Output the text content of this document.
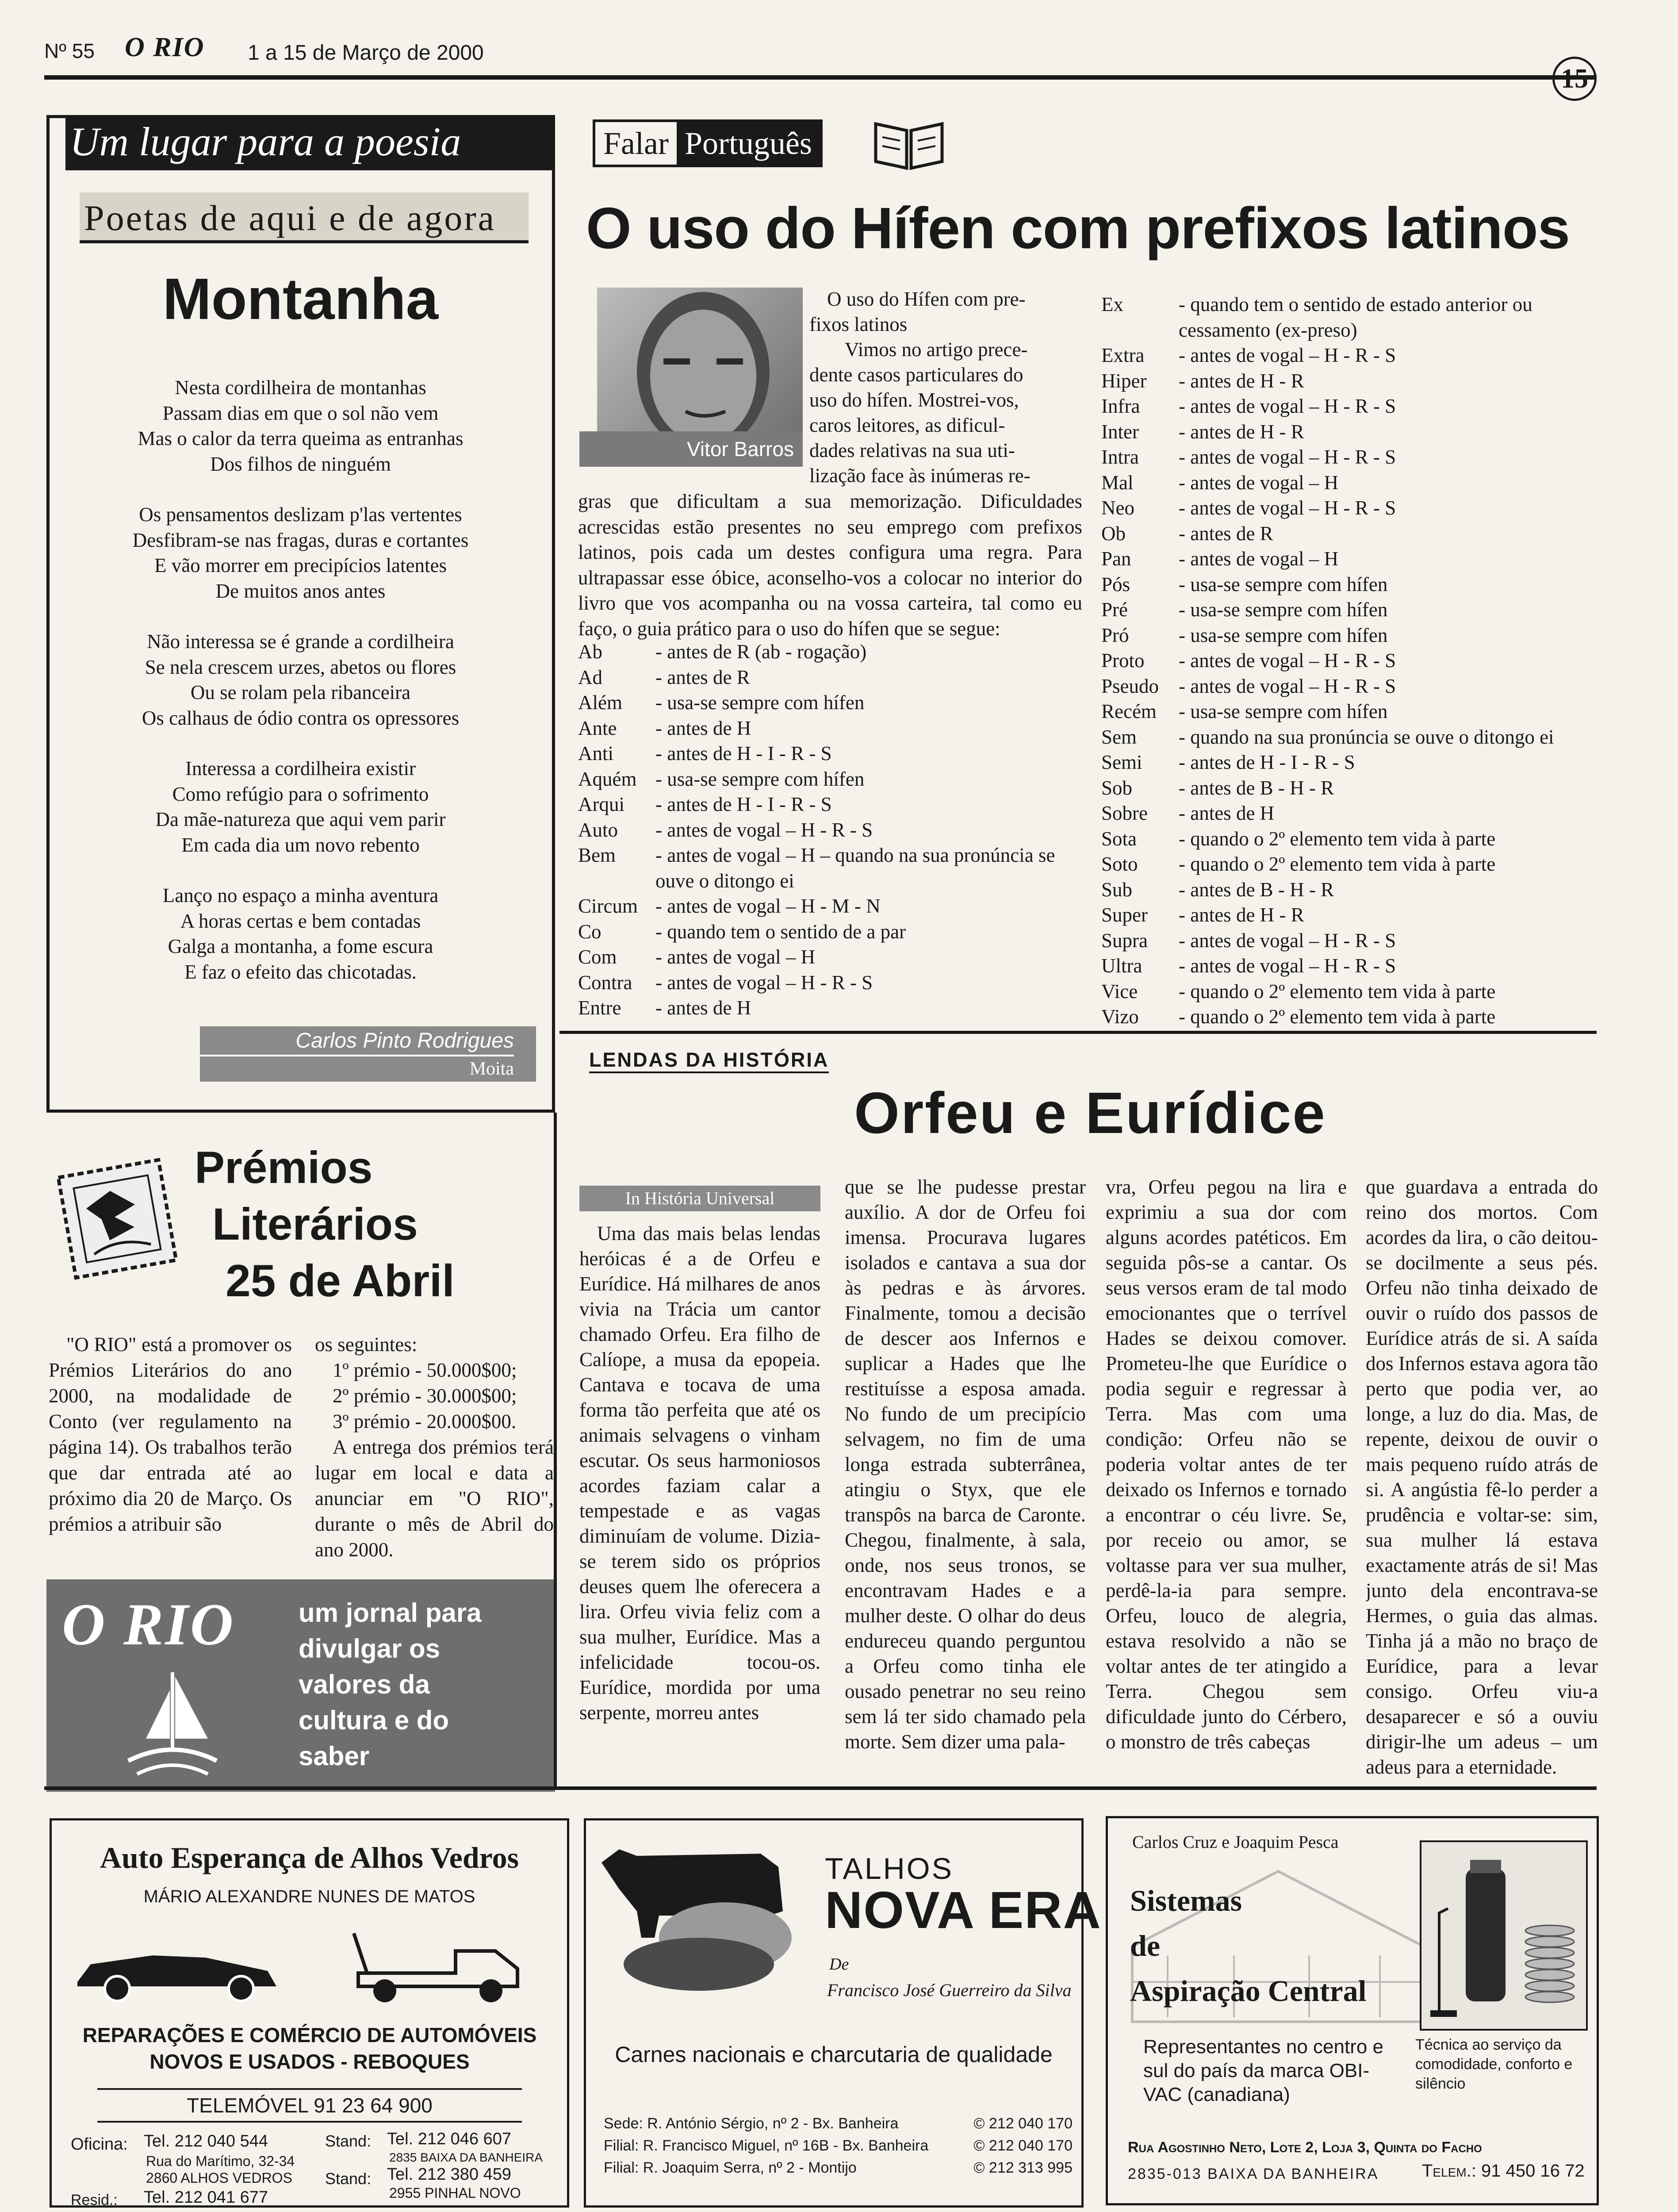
Nº 55 O RIO 1 a 15 de Março de 2000
Um lugar para a poesia
Poetas de aqui e de agora
Montanha
Nesta cordilheira de montanhas
Passam dias em que o sol não vem
Mas o calor da terra queima as entranhas
Dos filhos de ninguém
Os pensamentos deslizam p'las vertentes
Desfibram-se nas fragas, duras e cortantes
E vão morrer em precipícios latentes
De muitos anos antes
Não interessa se é grande a cordilheira
Se nela crescem urzes, abetos ou flores
Ou se rolam pela ribanceira
Os calhaus de ódio contra os opressores
Interessa a cordilheira existir
Como refúgio para o sofrimento
Da mãe-natureza que aqui vem parir
Em cada dia um novo rebento
Lanço no espaço a minha aventura
A horas certas e bem contadas
Galga a montanha, a fome escura
E faz o efeito das chicotadas.
Carlos Pinto Rodrigues
Moita
Prémios
Literários
25 de Abril
"O RIO" está a promover os Prémios Literários do ano 2000, na modalidade de Conto (ver regulamento na página 14). Os trabalhos terão que dar entrada até ao próximo dia 20 de Março. Os prémios a atribuir são
os seguintes:
1º prémio - 50.000$00;
2º prémio - 30.000$00;
3º prémio - 20.000$00.
A entrega dos prémios terá lugar em local e data a anunciar em "O RIO", durante o mês de Abril do ano 2000.
O RIO um jornal para
divulgar os
valores da
cultura e do
saber
Falar Português
O uso do Hífen com prefixos latinos
Vitor Barros
O uso do Hífen com pre-
fixos latinos
Vimos no artigo prece-
dente casos particulares do
uso do hífen. Mostrei-vos,
caros leitores, as dificul-
dades relativas na sua uti-
lização face às inúmeras re-
gras que dificultam a sua memorização. Dificuldades acrescidas estão presentes no seu emprego com prefixos latinos, pois cada um destes configura uma regra. Para ultrapassar esse óbice, aconselho-vos a colocar no interior do livro que vos acompanha ou na vossa carteira, tal como eu faço, o guia prático para o uso do hífen que se segue:
Ab	- antes de R (ab - rogação)
Ad	- antes de R
Além	- usa-se sempre com hífen
Ante	- antes de H
Anti	- antes de H - I - R - S
Aquém - usa-se sempre com hífen
Arqui	- antes de H - I - R - S
Auto	- antes de vogal – H - R - S
Bem	- antes de vogal – H – quando na sua pronúncia se ouve o ditongo ei
Circum - antes de vogal – H - M - N
Co	- quando tem o sentido de a par
Com	- antes de vogal – H
Contra	- antes de vogal – H - R - S
Entre	- antes de H
Ex	- quando tem o sentido de estado anterior ou cessamento (ex-preso)
Extra	- antes de vogal – H - R - S
Hiper	- antes de H - R
Infra	- antes de vogal – H - R - S
Inter	- antes de H - R
Intra	- antes de vogal – H - R - S
Mal	- antes de vogal – H
Neo	- antes de vogal – H - R - S
Ob	- antes de R
Pan	- antes de vogal – H
Pós	- usa-se sempre com hífen
Pré	- usa-se sempre com hífen
Pró	- usa-se sempre com hífen
Proto	- antes de vogal – H - R - S
Pseudo - antes de vogal – H - R - S
Recém	- usa-se sempre com hífen
Sem	- quando na sua pronúncia se ouve o ditongo ei
Semi	- antes de H - I - R - S
Sob	- antes de B - H - R
Sobre	- antes de H
Sota	- quando o 2º elemento tem vida à parte
Soto	- quando o 2º elemento tem vida à parte
Sub	- antes de B - H - R
Super	- antes de H - R
Supra	- antes de vogal – H - R - S
Ultra	- antes de vogal – H - R - S
Vice	- quando o 2º elemento tem vida à parte
Vizo	- quando o 2º elemento tem vida à parte
LENDAS DA HISTÓRIA
Orfeu e Eurídice
In História Universal
Uma das mais belas lendas heróicas é a de Orfeu e Eurídice. Há milhares de anos vivia na Trácia um cantor chamado Orfeu. Era filho de Calíope, a musa da epopeia. Cantava e tocava de uma forma tão perfeita que até os animais selvagens o vinham escutar. Os seus harmoniosos acordes faziam calar a tempestade e as vagas diminuíam de volume. Dizia-se terem sido os próprios deuses quem lhe oferecera a lira. Orfeu vivia feliz com a sua mulher, Eurídice. Mas a infelicidade tocou-os. Eurídice, mordida por uma serpente, morreu antes
que se lhe pudesse prestar auxílio. A dor de Orfeu foi imensa. Procurava lugares isolados e cantava a sua dor às pedras e às árvores. Finalmente, tomou a decisão de descer aos Infernos e suplicar a Hades que lhe restituísse a esposa amada. No fundo de um precipício selvagem, no fim de uma longa estrada subterrânea, atingiu o Styx, que ele transpôs na barca de Caronte. Chegou, finalmente, à sala, onde, nos seus tronos, se encontravam Hades e a mulher deste. O olhar do deus endureceu quando perguntou a Orfeu como tinha ele ousado penetrar no seu reino sem lá ter sido chamado pela morte. Sem dizer uma pala-
vra, Orfeu pegou na lira e exprimiu a sua dor com alguns acordes patéticos. Em seguida pôs-se a cantar. Os seus versos eram de tal modo emocionantes que o terrível Hades se deixou comover. Prometeu-lhe que Eurídice o podia seguir e regressar à Terra. Mas com uma condição: Orfeu não se poderia voltar antes de ter deixado os Infernos e tornado a encontrar o céu livre. Se, por receio ou amor, se voltasse para ver sua mulher, perdê-la-ia para sempre. Orfeu, louco de alegria, estava resolvido a não se voltar antes de ter atingido a Terra. Chegou sem dificuldade junto do Cérbero, o monstro de três cabeças
que guardava a entrada do reino dos mortos. Com acordes da lira, o cão deitou-se docilmente a seus pés. Orfeu não tinha deixado de ouvir o ruído dos passos de Eurídice atrás de si. A saída dos Infernos estava agora tão perto que podia ver, ao longe, a luz do dia. Mas, de repente, deixou de ouvir o mais pequeno ruído atrás de si. A angústia fê-lo perder a prudência e voltar-se: sim, sua mulher lá estava exactamente atrás de si! Mas junto dela encontrava-se Hermes, o guia das almas. Tinha já a mão no braço de Eurídice, para a levar consigo. Orfeu viu-a desaparecer e só a ouviu dirigir-lhe um adeus – um adeus para a eternidade.
Auto Esperança de Alhos Vedros
MÁRIO ALEXANDRE NUNES DE MATOS
REPARAÇÕES E COMÉRCIO DE AUTOMÓVEIS NOVOS E USADOS - REBOQUES
TELEMÓVEL 91 23 64 900
Oficina: Tel. 212 040 544
Rua do Marítimo, 32-34
2860 ALHOS VEDROS
Resid.: Tel. 212 041 677
Stand: Tel. 212 046 607
2835 BAIXA DA BANHEIRA
Stand: Tel. 212 380 459
2955 PINHAL NOVO
TALHOS
NOVA ERA
De
Francisco José Guerreiro da Silva
Carnes nacionais e charcutaria de qualidade
Sede: R. António Sérgio, nº 2 - Bx. Banheira	© 212 040 170
Filial: R. Francisco Miguel, nº 16B - Bx. Banheira	© 212 040 170
Filial: R. Joaquim Serra, nº 2 - Montijo	© 212 313 995
Carlos Cruz e Joaquim Pesca
Sistemas
de
Aspiração Central
Representantes no centro e sul do país da marca OBI-VAC (canadiana)
Técnica ao serviço da comodidade, conforto e silêncio
Rua Agostinho Neto, Lote 2, Loja 3, Quinta do Facho
2835-013 BAIXA DA BANHEIRA Telem.: 91 450 16 72
